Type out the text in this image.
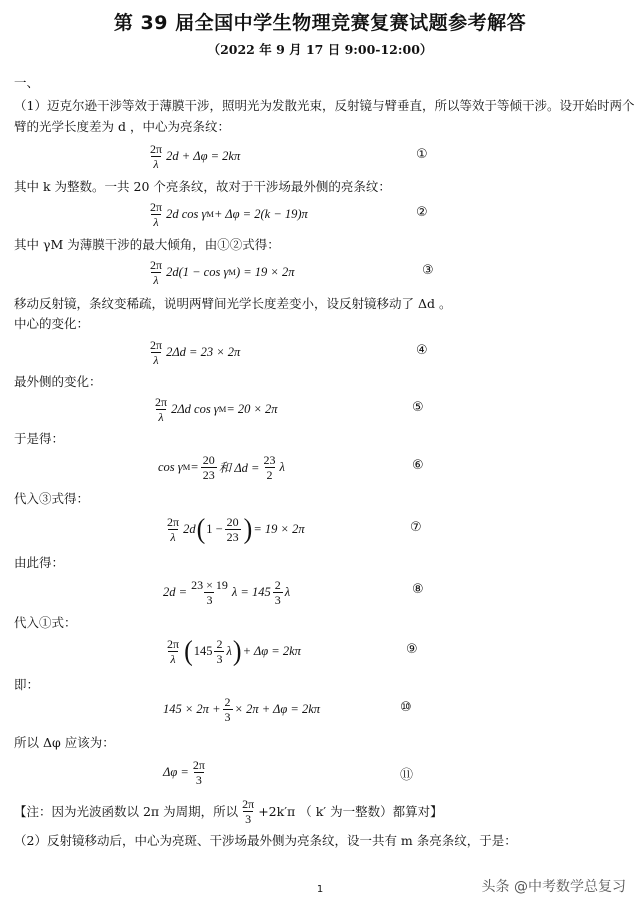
第 39 届全国中学生物理竞赛复赛试题参考解答
（2022 年 9 月 17 日 9:00-12:00）
一、
（1）迈克尔逊干涉等效于薄膜干涉，照明光为发散光束，反射镜与臂垂直，所以等效于等倾干涉。设开始时两个
臂的光学长度差为 d ，中心为亮条纹：
$\frac{2\pi}{\lambda} 2d + \Delta\varphi = 2k\pi$	①
其中 k 为整数。一共 20 个亮条纹，故对于干涉场最外侧的亮条纹：
$\frac{2\pi}{\lambda} 2d$ cos γ M + Δφ = 2(k − 19)π	②
其中 γM 为薄膜干涉的最大倾角，由①②式得：
$\frac{2\pi}{\lambda} 2d(1 - \cos \gamma$ M ) = 19 × 2π	③
移动反射镜，条纹变稀疏，说明两臂间光学长度差变小，设反射镜移动了 Δd 。
中心的变化：
$\frac{2\pi}{\lambda} 2\Delta d = 23 \times 2\pi$	④
最外侧的变化：
$\frac{2\pi}{\lambda} 2\Delta d$ cos γ M = 20 × 2π	⑤
于是得：
cos γ $M = \frac{20}{23}$ 和 $\Delta d = \frac{23}{2}$ λ	⑥
代入③式得：
$\frac{2\pi}{\lambda} 2d$ ( $1 - \frac{20}{23}$ ) = 19 × 2π	⑦
由此得：
$2d = \frac{23 \times 19}{3}$ $\lambda = 145 \frac{2}{3}$ λ	⑧
代入①式：
$\frac{2\pi}{\lambda}$ ( $145 \frac{2}{3}$ λ ) + Δφ = 2kπ	⑨
即：
$145 \times 2\pi + \frac{2}{3} \times 2\pi + \Delta\varphi = 2k\pi$	⑩
所以 Δφ 应该为：
$\Delta\varphi = \frac{2\pi}{3}$	⑪
【注：因为光波函数以 2π 为周期，所以 $\frac{2\pi}{3} +2k'\pi$ （ k′ 为一整数）都算对】
（2）反射镜移动后，中心为亮斑、干涉场最外侧为亮条纹，设一共有 m 条亮条纹，于是：
1	头条 @中考数学总复习
